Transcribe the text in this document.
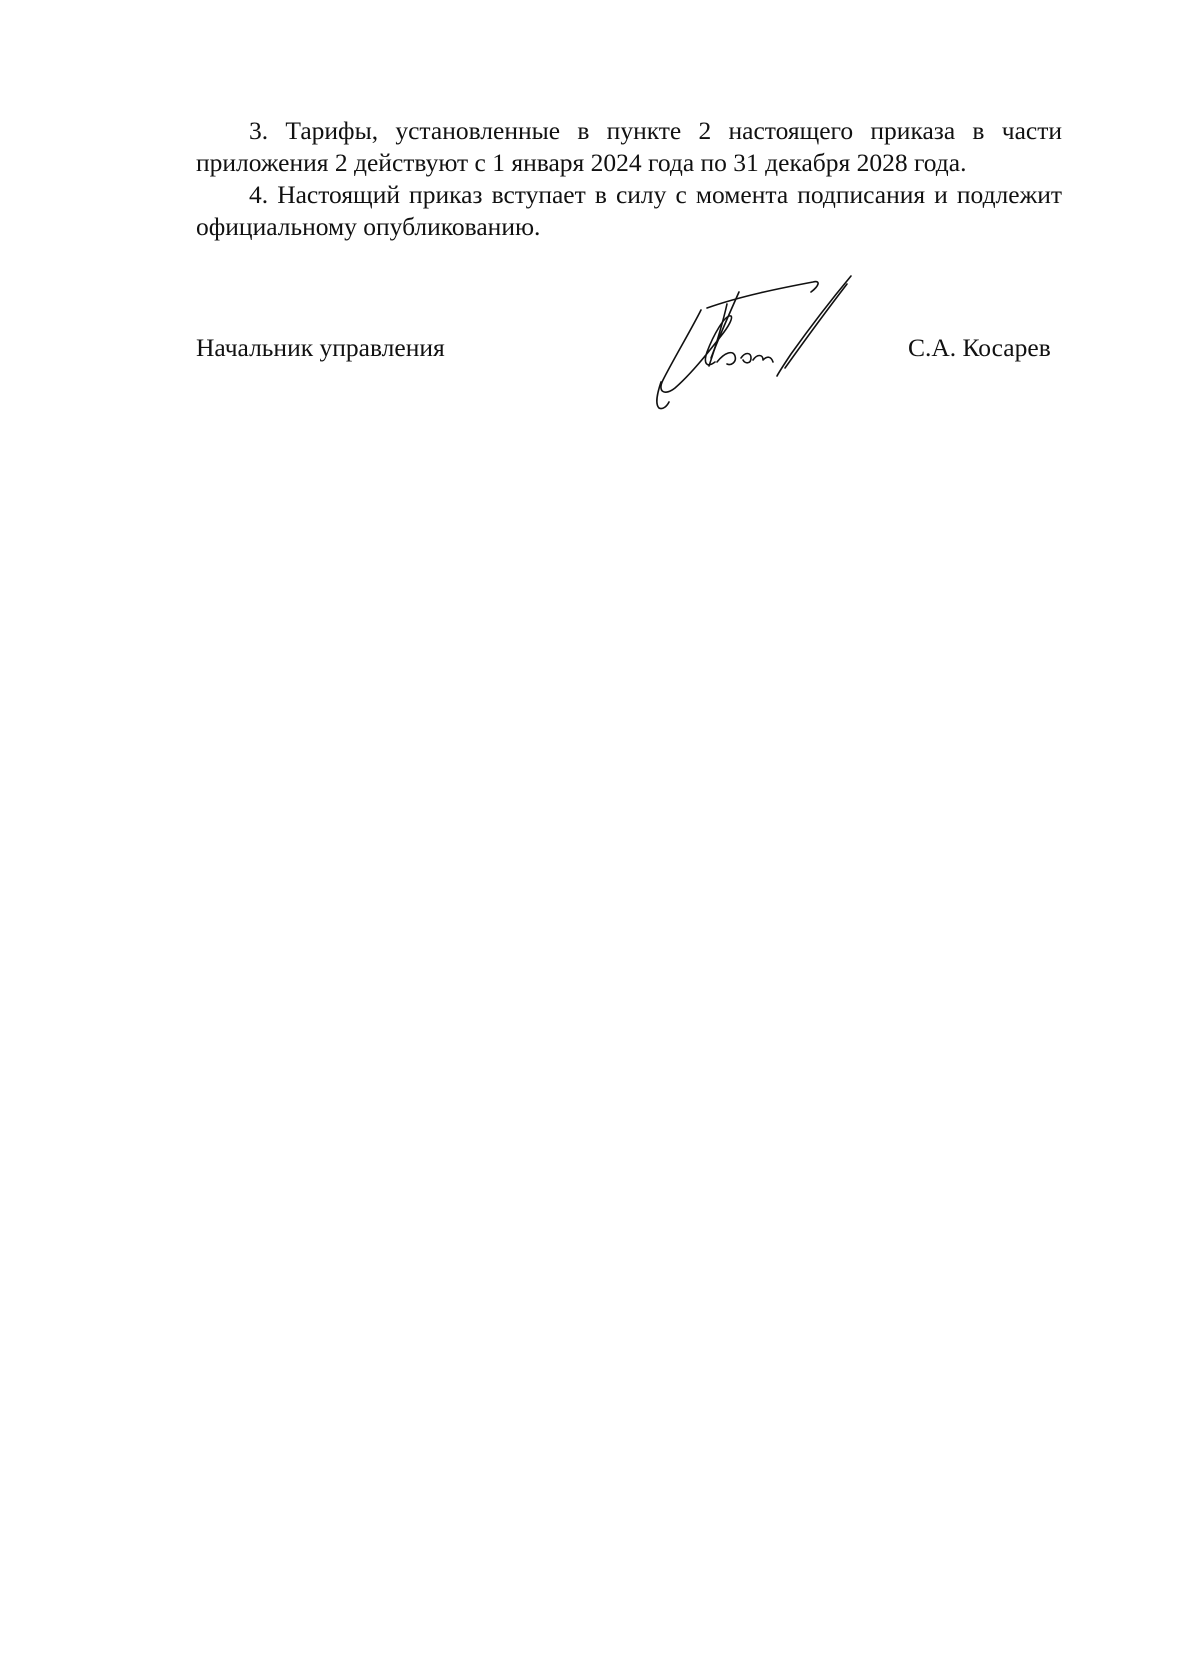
3. Тарифы, установленные в пункте 2 настоящего приказа в части приложения 2 действуют с 1 января 2024 года по 31 декабря 2028 года.

4. Настоящий приказ вступает в силу с момента подписания и подлежит официальному опубликованию.

Начальник управления	С.А. Косарев
